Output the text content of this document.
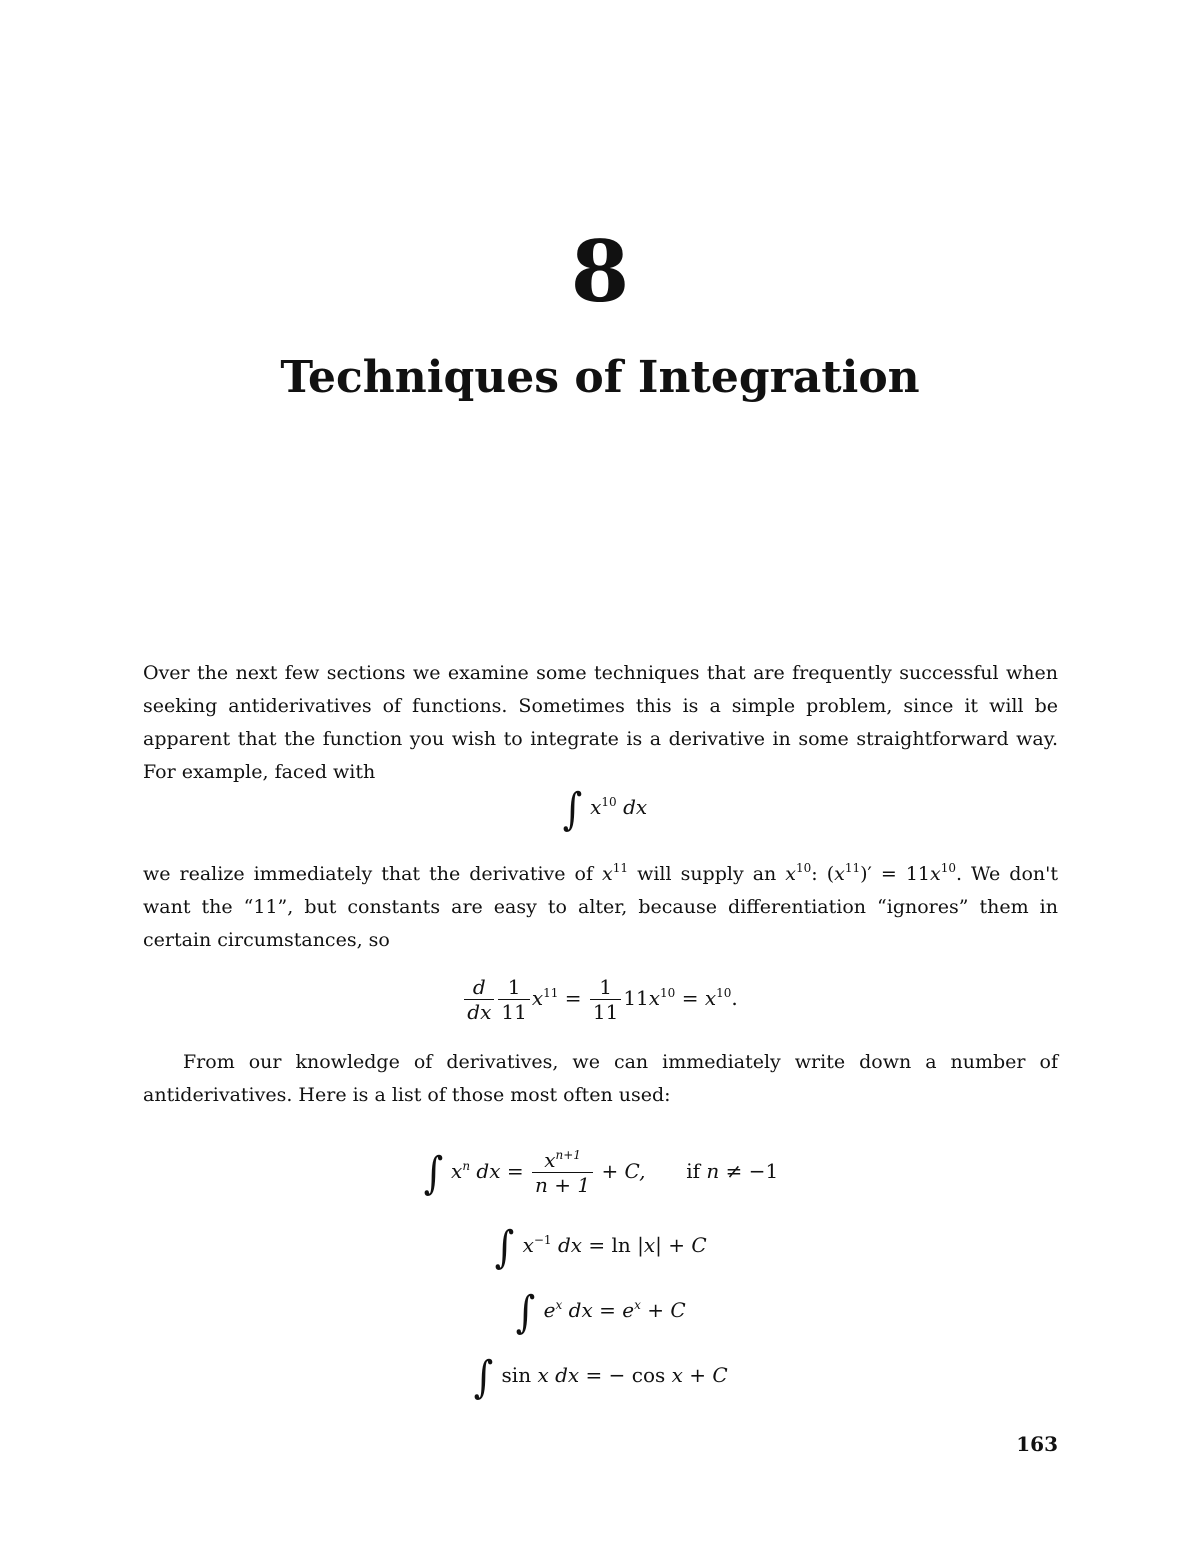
8
Techniques of Integration
Over the next few sections we examine some techniques that are frequently successful when seeking antiderivatives of functions. Sometimes this is a simple problem, since it will be apparent that the function you wish to integrate is a derivative in some straightforward way. For example, faced with
∫ $x^{10}$ dx
we realize immediately that the derivative of $x^{11}$ will supply an $x^{10}$: $(x^{11})' = 11x^{10}$. We don't want the “11”, but constants are easy to alter, because differentiation “ignores” them in certain circumstances, so
$\frac{d}{dx} \frac{1}{11} x^{11} = \frac{1}{11} 11x^{10} = x^{10}$.
From our knowledge of derivatives, we can immediately write down a number of antiderivatives. Here is a list of those most often used:
∫ $x^n$ dx = $\frac{x^{n+1}}{n + 1} + C$, if n ≠ −1
∫ $x^{-1}$ dx = ln |x| + C
∫ $e^x$ dx = $e^x + C$
∫ sin x dx = − cos x + C
163
